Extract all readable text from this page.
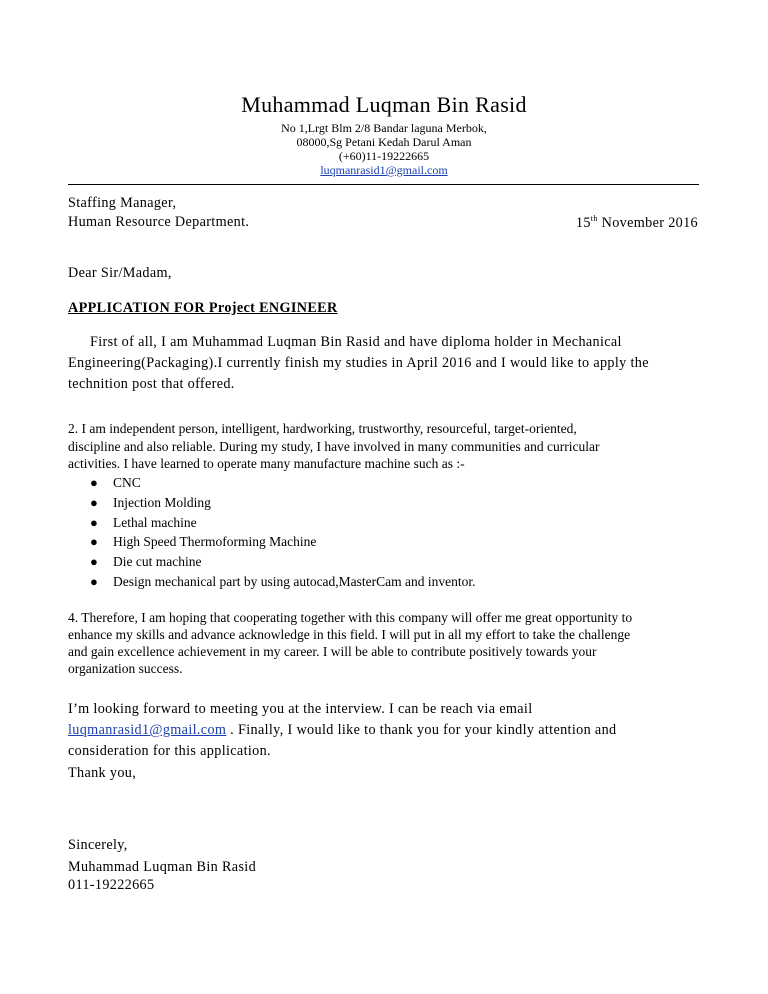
Muhammad Luqman Bin Rasid
No 1,Lrgt Blm 2/8 Bandar laguna Merbok,
08000,Sg Petani Kedah Darul Aman
(+60)11-19222665
luqmanrasid1@gmail.com
Staffing Manager,
Human Resource Department.	15th November 2016
Dear Sir/Madam,
APPLICATION FOR Project ENGINEER
First of all, I am Muhammad Luqman Bin Rasid and have diploma holder in Mechanical
Engineering(Packaging).I currently finish my studies in April 2016 and I would like to apply the
technition post that offered.
2. I am independent person, intelligent, hardworking, trustworthy, resourceful, target-oriented,
discipline and also reliable. During my study, I have involved in many communities and curricular
activities. I have learned to operate many manufacture machine such as :-
● CNC
● Injection Molding
● Lethal machine
● High Speed Thermoforming Machine
● Die cut machine
● Design mechanical part by using autocad,MasterCam and inventor.
4. Therefore, I am hoping that cooperating together with this company will offer me great opportunity to
enhance my skills and advance acknowledge in this field. I will put in all my effort to take the challenge
and gain excellence achievement in my career. I will be able to contribute positively towards your
organization success.
I’m looking forward to meeting you at the interview. I can be reach via email
luqmanrasid1@gmail.com . Finally, I would like to thank you for your kindly attention and
consideration for this application.
Thank you,
Sincerely,
Muhammad Luqman Bin Rasid
011-19222665
